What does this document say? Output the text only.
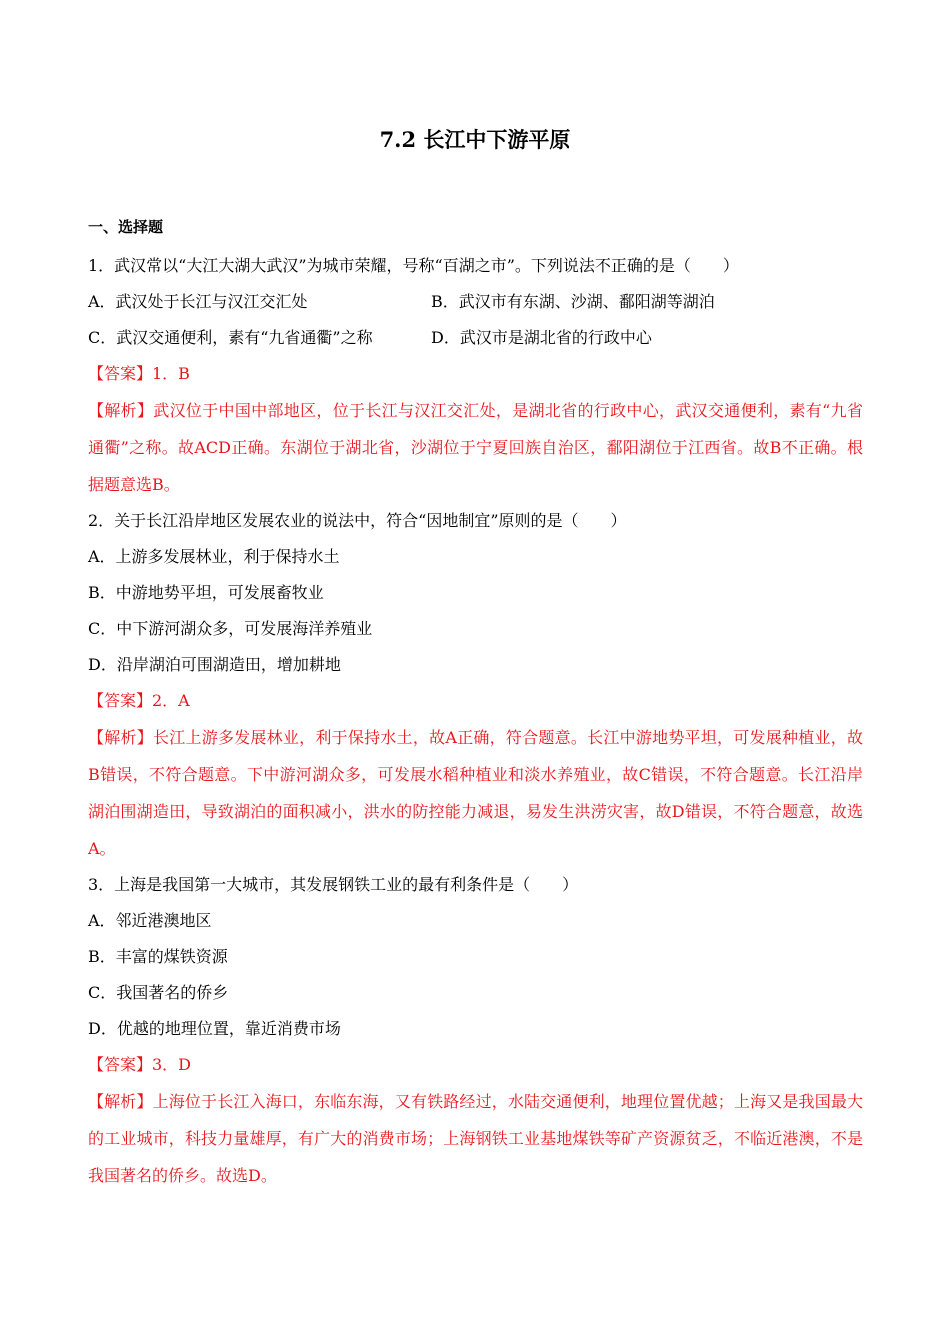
7.2 长江中下游平原
一、选择题
1．武汉常以“大江大湖大武汉”为城市荣耀，号称“百湖之市”。下列说法不正确的是（　　）
A．武汉处于长江与汉江交汇处	B．武汉市有东湖、沙湖、鄱阳湖等湖泊
C．武汉交通便利，素有“九省通衢”之称	D．武汉市是湖北省的行政中心
【答案】1．B
【解析】武汉位于中国中部地区，位于长江与汉江交汇处，是湖北省的行政中心，武汉交通便利，素有“九省通衢”之称。故ACD正确。东湖位于湖北省，沙湖位于宁夏回族自治区，鄱阳湖位于江西省。故B不正确。根据题意选B。
2．关于长江沿岸地区发展农业的说法中，符合“因地制宜”原则的是（　　）
A．上游多发展林业，利于保持水土
B．中游地势平坦，可发展畜牧业
C．中下游河湖众多，可发展海洋养殖业
D．沿岸湖泊可围湖造田，增加耕地
【答案】2．A
【解析】长江上游多发展林业，利于保持水土，故A正确，符合题意。长江中游地势平坦，可发展种植业，故B错误，不符合题意。下中游河湖众多，可发展水稻种植业和淡水养殖业，故C错误，不符合题意。长江沿岸湖泊围湖造田，导致湖泊的面积减小，洪水的防控能力减退，易发生洪涝灾害，故D错误，不符合题意，故选A。
3．上海是我国第一大城市，其发展钢铁工业的最有利条件是（　　）
A．邻近港澳地区
B．丰富的煤铁资源
C．我国著名的侨乡
D．优越的地理位置，靠近消费市场
【答案】3．D
【解析】上海位于长江入海口，东临东海，又有铁路经过，水陆交通便利，地理位置优越；上海又是我国最大的工业城市，科技力量雄厚，有广大的消费市场；上海钢铁工业基地煤铁等矿产资源贫乏，不临近港澳，不是我国著名的侨乡。故选D。
